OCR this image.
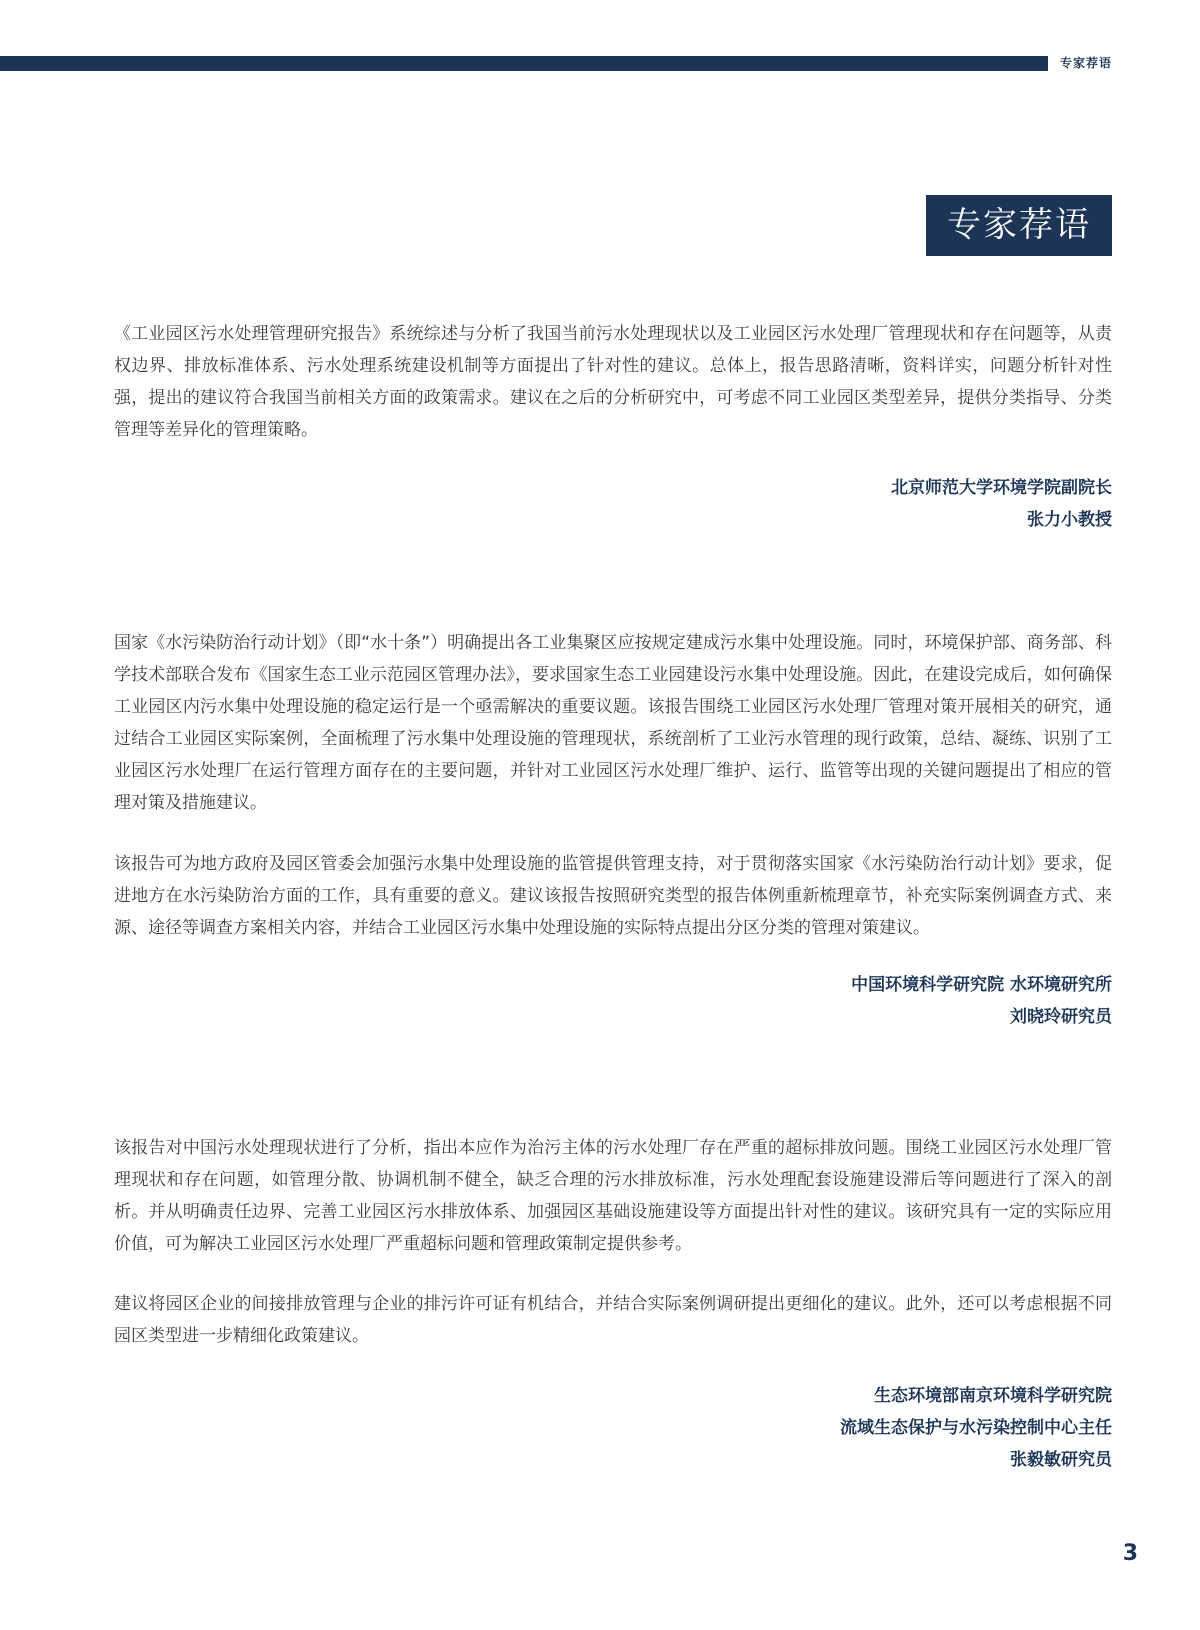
专家荐语
专家荐语

《工业园区污水处理管理研究报告》系统综述与分析了我国当前污水处理现状以及工业园区污水处理厂管理现状和存在问题等，从责权边界、排放标准体系、污水处理系统建设机制等方面提出了针对性的建议。总体上，报告思路清晰，资料详实，问题分析针对性强，提出的建议符合我国当前相关方面的政策需求。建议在之后的分析研究中，可考虑不同工业园区类型差异，提供分类指导、分类管理等差异化的管理策略。

北京师范大学环境学院副院长

张力小教授

国家《水污染防治行动计划》（即“水十条”）明确提出各工业集聚区应按规定建成污水集中处理设施。同时，环境保护部、商务部、科学技术部联合发布《国家生态工业示范园区管理办法》，要求国家生态工业园建设污水集中处理设施。因此，在建设完成后，如何确保工业园区内污水集中处理设施的稳定运行是一个亟需解决的重要议题。该报告围绕工业园区污水处理厂管理对策开展相关的研究，通过结合工业园区实际案例，全面梳理了污水集中处理设施的管理现状，系统剖析了工业污水管理的现行政策，总结、凝练、识别了工业园区污水处理厂在运行管理方面存在的主要问题，并针对工业园区污水处理厂维护、运行、监管等出现的关键问题提出了相应的管理对策及措施建议。

该报告可为地方政府及园区管委会加强污水集中处理设施的监管提供管理支持，对于贯彻落实国家《水污染防治行动计划》要求，促进地方在水污染防治方面的工作，具有重要的意义。建议该报告按照研究类型的报告体例重新梳理章节，补充实际案例调查方式、来源、途径等调查方案相关内容，并结合工业园区污水集中处理设施的实际特点提出分区分类的管理对策建议。

中国环境科学研究院 水环境研究所

刘晓玲研究员

该报告对中国污水处理现状进行了分析，指出本应作为治污主体的污水处理厂存在严重的超标排放问题。围绕工业园区污水处理厂管理现状和存在问题，如管理分散、协调机制不健全，缺乏合理的污水排放标准，污水处理配套设施建设滞后等问题进行了深入的剖析。并从明确责任边界、完善工业园区污水排放体系、加强园区基础设施建设等方面提出针对性的建议。该研究具有一定的实际应用价值，可为解决工业园区污水处理厂严重超标问题和管理政策制定提供参考。

建议将园区企业的间接排放管理与企业的排污许可证有机结合，并结合实际案例调研提出更细化的建议。此外，还可以考虑根据不同园区类型进一步精细化政策建议。

生态环境部南京环境科学研究院

流域生态保护与水污染控制中心主任

张毅敏研究员

3
